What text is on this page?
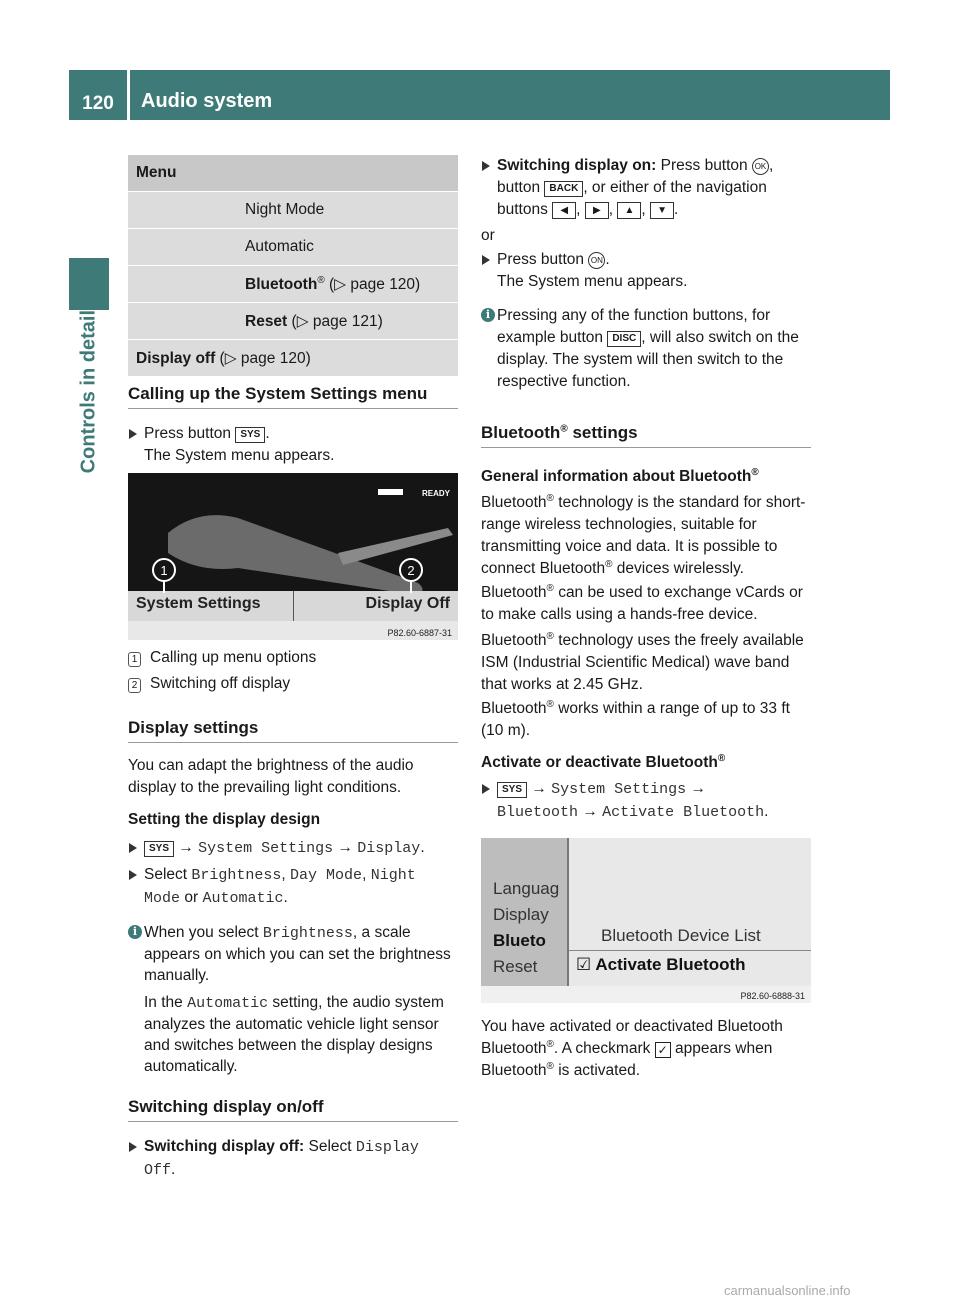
120	Audio system
Controls in detail
Menu
Night Mode
Automatic
Bluetooth® (▷ page 120)
Reset (▷ page 121)
Display off (▷ page 120)
Calling up the System Settings menu
Press button SYS .
The System menu appears.
1	2
READY
System Settings	Display Off
P82.60-6887-31

1 Calling up menu options

2 Switching off display

Display settings

You can adapt the brightness of the audio display to the prevailing light conditions.

Setting the display design
SYS → System Settings → Display.
Select Brightness, Day Mode, Night Mode or Automatic.
i When you select Brightness, a scale appears on which you can set the brightness manually.

In the Automatic setting, the audio system analyzes the automatic vehicle light sensor and switches between the display designs automatically.

Switching display on/off
Switching display off: Select Display Off.
Switching display on: Press button OK , button BACK , or either of the navigation buttons ◀ , ▶ , ▲ , ▼ .

or

Press button ON .
The System menu appears.
i Pressing any of the function buttons, for example button DISC , will also switch on the display. The system will then switch to the respective function.
Bluetooth® settings
General information about Bluetooth®

Bluetooth® technology is the standard for short-range wireless technologies, suitable for transmitting voice and data. It is possible to connect Bluetooth® devices wirelessly.

Bluetooth® can be used to exchange vCards or to make calls using a hands-free device.

Bluetooth® technology uses the freely available ISM (Industrial Scientific Medical) wave band that works at 2.45 GHz.

Bluetooth® works within a range of up to 33 ft (10 m).

Activate or deactivate Bluetooth®
SYS → System Settings →
Bluetooth → Activate Bluetooth.
Languag
Display
Blueto
Reset
Bluetooth Device List
☑ Activate Bluetooth
P82.60-6888-31

You have activated or deactivated Bluetooth
Bluetooth®. A checkmark ✓ appears when Bluetooth® is activated.

carmanualsonline.info
